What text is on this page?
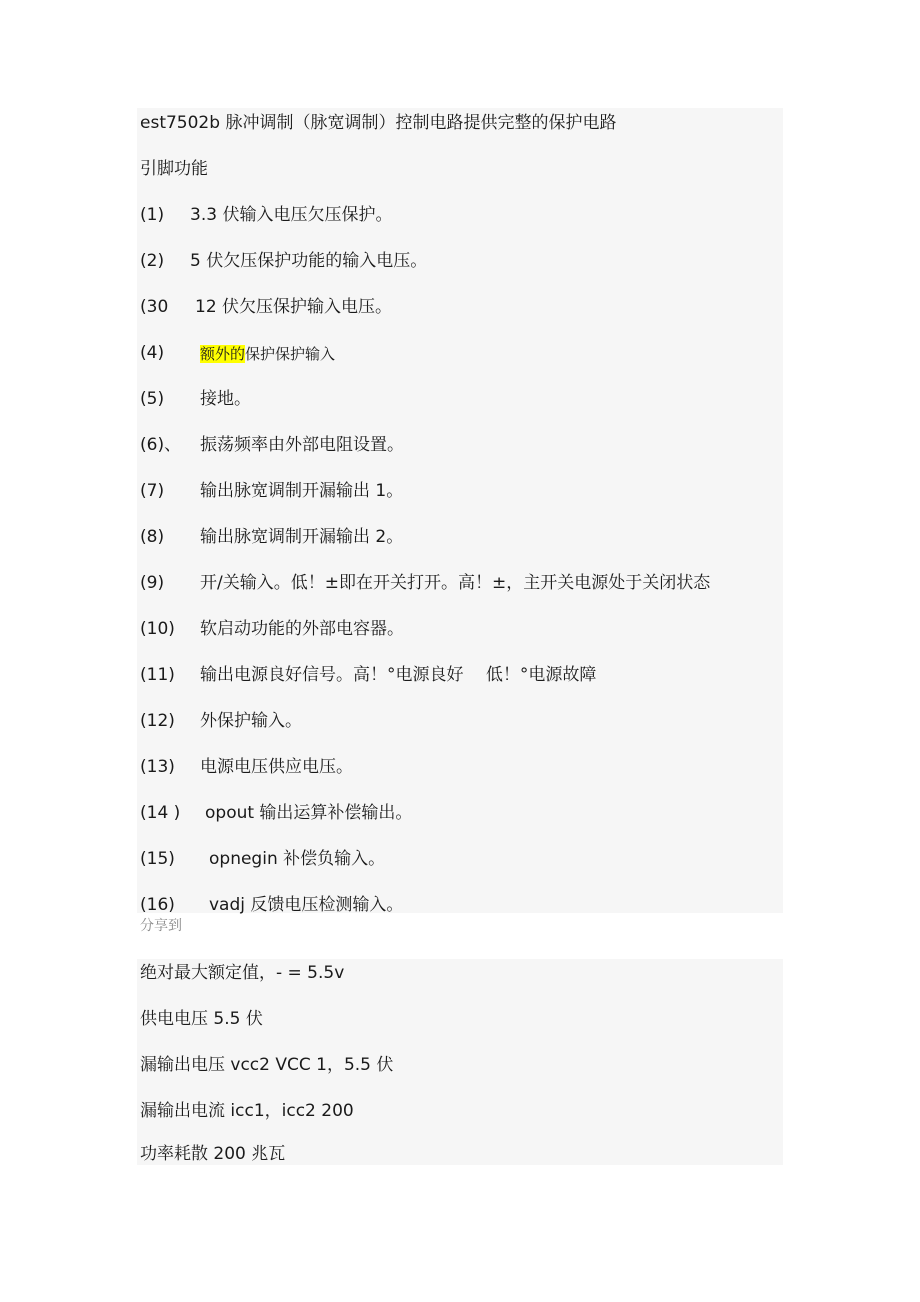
est7502b 脉冲调制（脉宽调制）控制电路提供完整的保护电路
引脚功能
(1) 3.3 伏输入电压欠压保护。
(2) 5 伏欠压保护功能的输入电压。
(30 12 伏欠压保护输入电压。
(4) 额外的保护保护输入
(5) 接地。
(6)、 振荡频率由外部电阻设置。
(7) 输出脉宽调制开漏输出 1。
(8) 输出脉宽调制开漏输出 2。
(9) 开/关输入。低！±即在开关打开。高！±，主开关电源处于关闭状态
(10) 软启动功能的外部电容器。
(11) 输出电源良好信号。高！°电源良好　 低！°电源故障
(12) 外保护输入。
(13) 电源电压供应电压。
(14 ) opout 输出运算补偿输出。
(15) opnegin 补偿负输入。
(16) vadj 反馈电压检测输入。
分享到
绝对最大额定值，- = 5.5v
供电电压 5.5 伏
漏输出电压 vcc2 VCC 1，5.5 伏
漏输出电流 icc1，icc2 200
功率耗散 200 兆瓦
